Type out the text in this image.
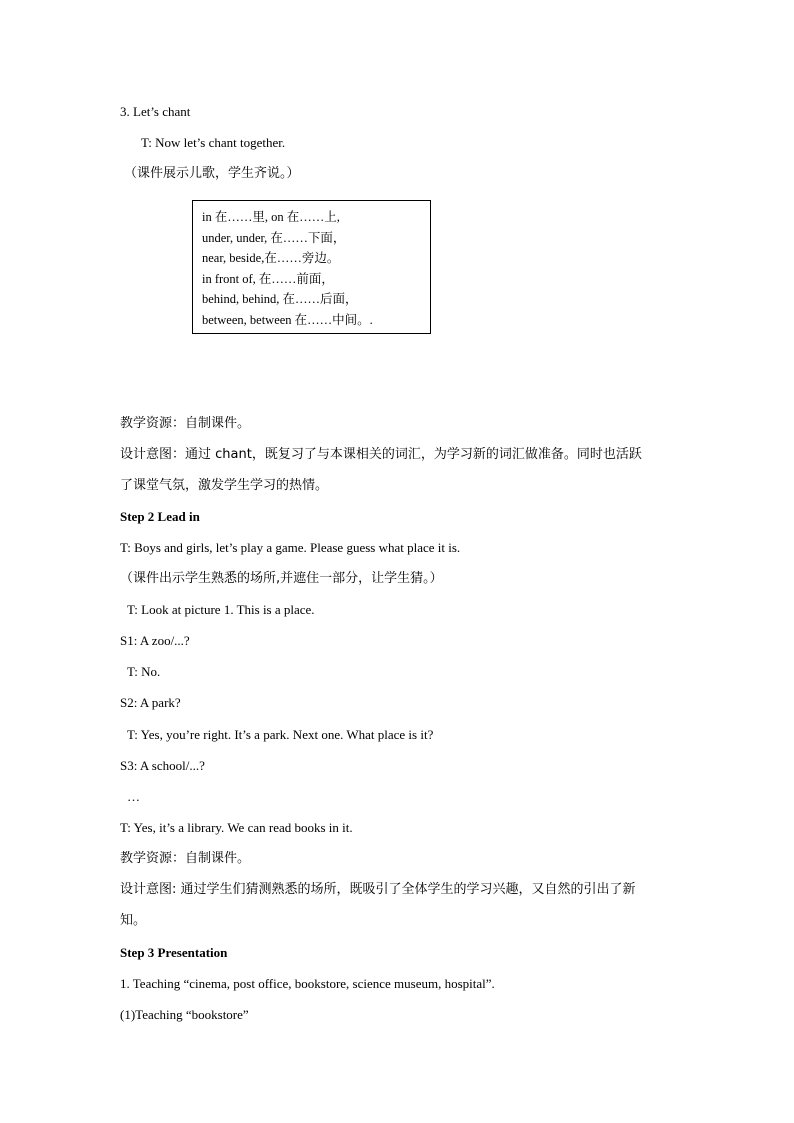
3. Let’s chant
T: Now let’s chant together.
（课件展示儿歌，学生齐说。）
in 在……里, on 在……上,
under, under, 在……下面，
near, beside,在……旁边。
in front of, 在……前面，
behind, behind, 在……后面，
between, between 在……中间。.
教学资源：自制课件。
设计意图：通过 chant，既复习了与本课相关的词汇，为学习新的词汇做准备。同时也活跃
了课堂气氛，激发学生学习的热情。
Step 2 Lead in
T: Boys and girls, let’s play a game. Please guess what place it is.
（课件出示学生熟悉的场所,并遮住一部分，让学生猜。）
T: Look at picture 1. This is a place.
S1: A zoo/...?
T: No.
S2: A park?
T: Yes, you’re right. It’s a park. Next one. What place is it?
S3: A school/...?
…
T: Yes, it’s a library. We can read books in it.
教学资源：自制课件。
设计意图: 通过学生们猜测熟悉的场所，既吸引了全体学生的学习兴趣，又自然的引出了新
知。
Step 3 Presentation
1. Teaching “cinema, post office, bookstore, science museum, hospital”.
(1)Teaching “bookstore”
